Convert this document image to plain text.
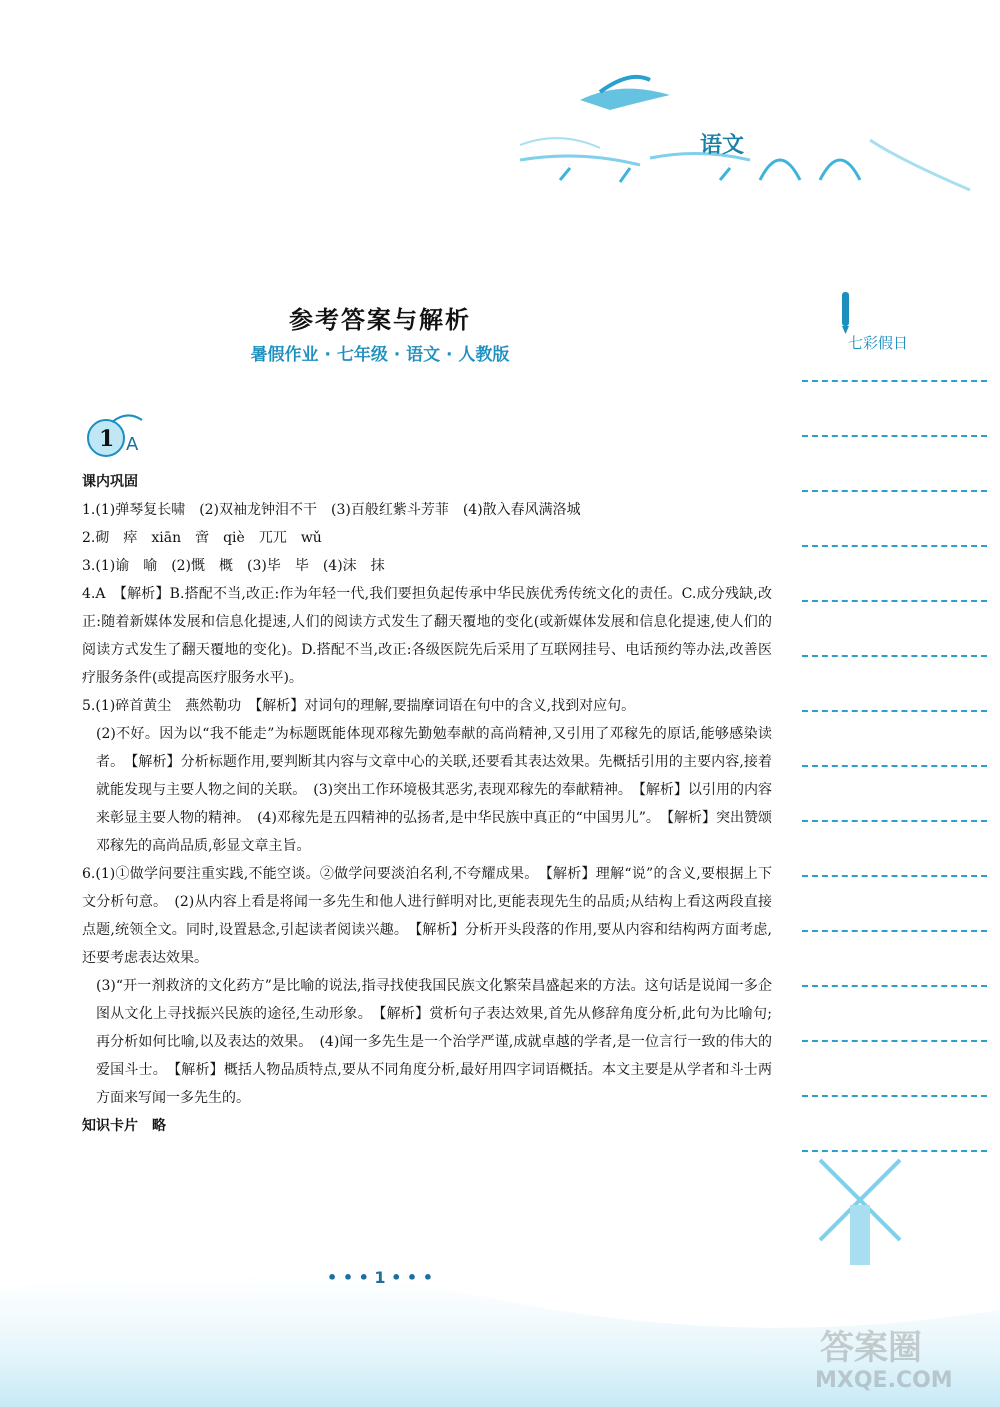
语文
参考答案与解析
暑假作业 · 七年级 · 语文 · 人教版
七彩假日
1 A
课内巩固
1.(1)弹琴复长啸　(2)双袖龙钟泪不干　(3)百般红紫斗芳菲　(4)散入春风满洛城
2.砌　瘁　xiān　啻　qiè　兀兀　wǔ
3.(1)谕　喻　(2)慨　概　(3)毕　毕　(4)沫　抹
4.A　【解析】B.搭配不当,改正:作为年轻一代,我们要担负起传承中华民族优秀传统文化的责任。C.成分残缺,改正:随着新媒体发展和信息化提速,人们的阅读方式发生了翻天覆地的变化(或新媒体发展和信息化提速,使人们的阅读方式发生了翻天覆地的变化)。D.搭配不当,改正:各级医院先后采用了互联网挂号、电话预约等办法,改善医疗服务条件(或提高医疗服务水平)。
5.(1)碎首黄尘　燕然勒功　【解析】对词句的理解,要揣摩词语在句中的含义,找到对应句。
(2)不好。因为以“我不能走”为标题既能体现邓稼先勤勉奉献的高尚精神,又引用了邓稼先的原话,能够感染读者。　【解析】分析标题作用,要判断其内容与文章中心的关联,还要看其表达效果。先概括引用的主要内容,接着就能发现与主要人物之间的关联。　(3)突出工作环境极其恶劣,表现邓稼先的奉献精神。　【解析】以引用的内容来彰显主要人物的精神。　(4)邓稼先是五四精神的弘扬者,是中华民族中真正的“中国男儿”。　【解析】突出赞颂邓稼先的高尚品质,彰显文章主旨。
6.(1)①做学问要注重实践,不能空谈。②做学问要淡泊名利,不夸耀成果。　【解析】理解“说”的含义,要根据上下文分析句意。　(2)从内容上看是将闻一多先生和他人进行鲜明对比,更能表现先生的品质;从结构上看这两段直接点题,统领全文。同时,设置悬念,引起读者阅读兴趣。　【解析】分析开头段落的作用,要从内容和结构两方面考虑,还要考虑表达效果。
(3)“开一剂救济的文化药方”是比喻的说法,指寻找使我国民族文化繁荣昌盛起来的方法。这句话是说闻一多企图从文化上寻找振兴民族的途径,生动形象。　【解析】赏析句子表达效果,首先从修辞角度分析,此句为比喻句;再分析如何比喻,以及表达的效果。　(4)闻一多先生是一个治学严谨,成就卓越的学者,是一位言行一致的伟大的爱国斗士。　【解析】概括人物品质特点,要从不同角度分析,最好用四字词语概括。本文主要是从学者和斗士两方面来写闻一多先生的。
知识卡片　略
• • • 1 • • •
答案圈
MXQE.COM
